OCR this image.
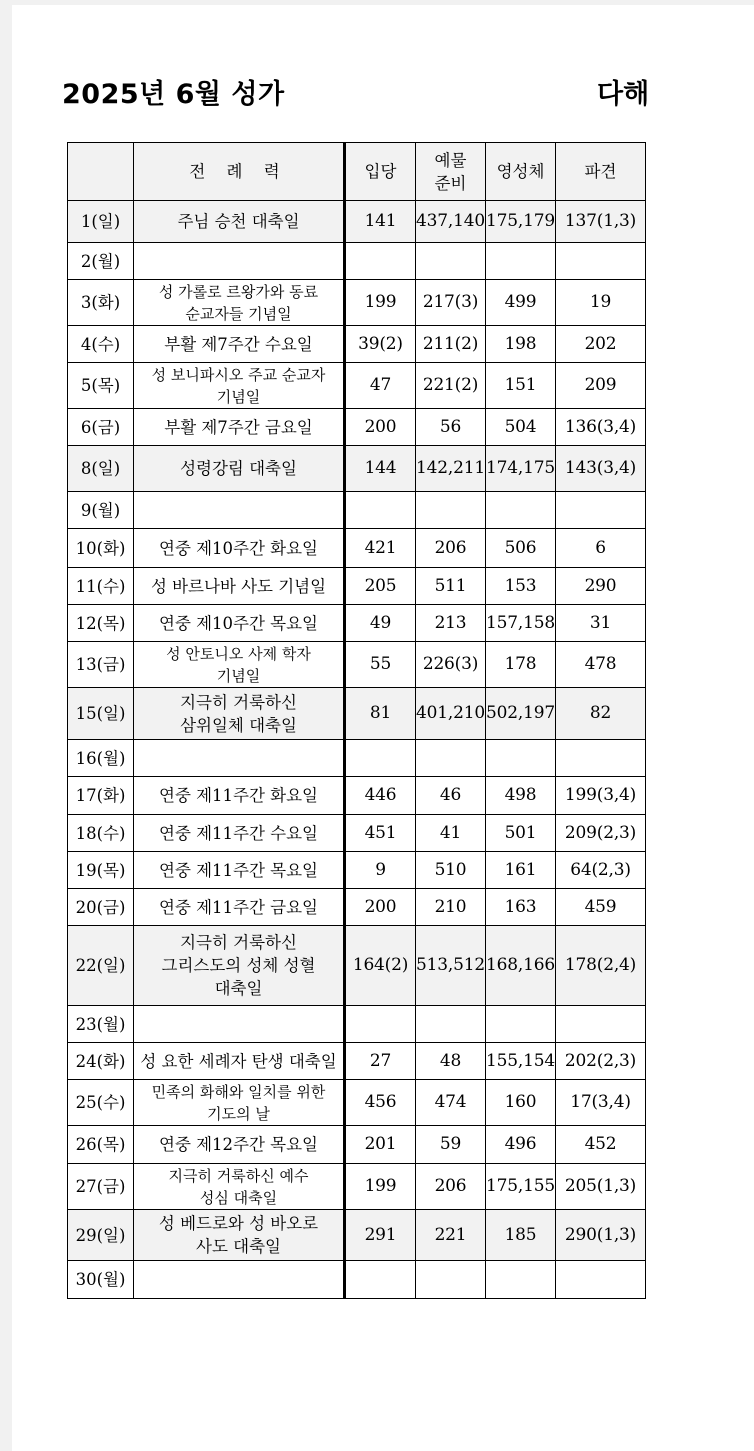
2025년 6월 성가	다해
	전 례 력	입당	예물
준비	영성체	파견
1(일)	주님 승천 대축일	141	437,140	175,179	137(1,3)
2(월)	

3(화)	성 가롤로 르왕가와 동료
순교자들 기념일	199	217(3)	499	19
4(수)	부활 제7주간 수요일	39(2)	211(2)	198	202
5(목)	성 보니파시오 주교 순교자
기념일	47	221(2)	151	209
6(금)	부활 제7주간 금요일	200	56	504	136(3,4)
8(일)	성령강림 대축일	144	142,211	174,175	143(3,4)
9(월)	

10(화)	연중 제10주간 화요일	421	206	506	6
11(수)	성 바르나바 사도 기념일	205	511	153	290
12(목)	연중 제10주간 목요일	49	213	157,158	31
13(금)	성 안토니오 사제 학자
기념일	55	226(3)	178	478
15(일)	지극히 거룩하신
삼위일체 대축일	81	401,210	502,197	82
16(월)	

17(화)	연중 제11주간 화요일	446	46	498	199(3,4)
18(수)	연중 제11주간 수요일	451	41	501	209(2,3)
19(목)	연중 제11주간 목요일	9	510	161	64(2,3)
20(금)	연중 제11주간 금요일	200	210	163	459
22(일)	지극히 거룩하신
그리스도의 성체 성혈
대축일	164(2)	513,512	168,166	178(2,4)
23(월)	

24(화)	성 요한 세례자 탄생 대축일	27	48	155,154	202(2,3)
25(수)	민족의 화해와 일치를 위한
기도의 날	456	474	160	17(3,4)
26(목)	연중 제12주간 목요일	201	59	496	452
27(금)	지극히 거룩하신 예수
성심 대축일	199	206	175,155	205(1,3)
29(일)	성 베드로와 성 바오로
사도 대축일	291	221	185	290(1,3)
30(월)	
